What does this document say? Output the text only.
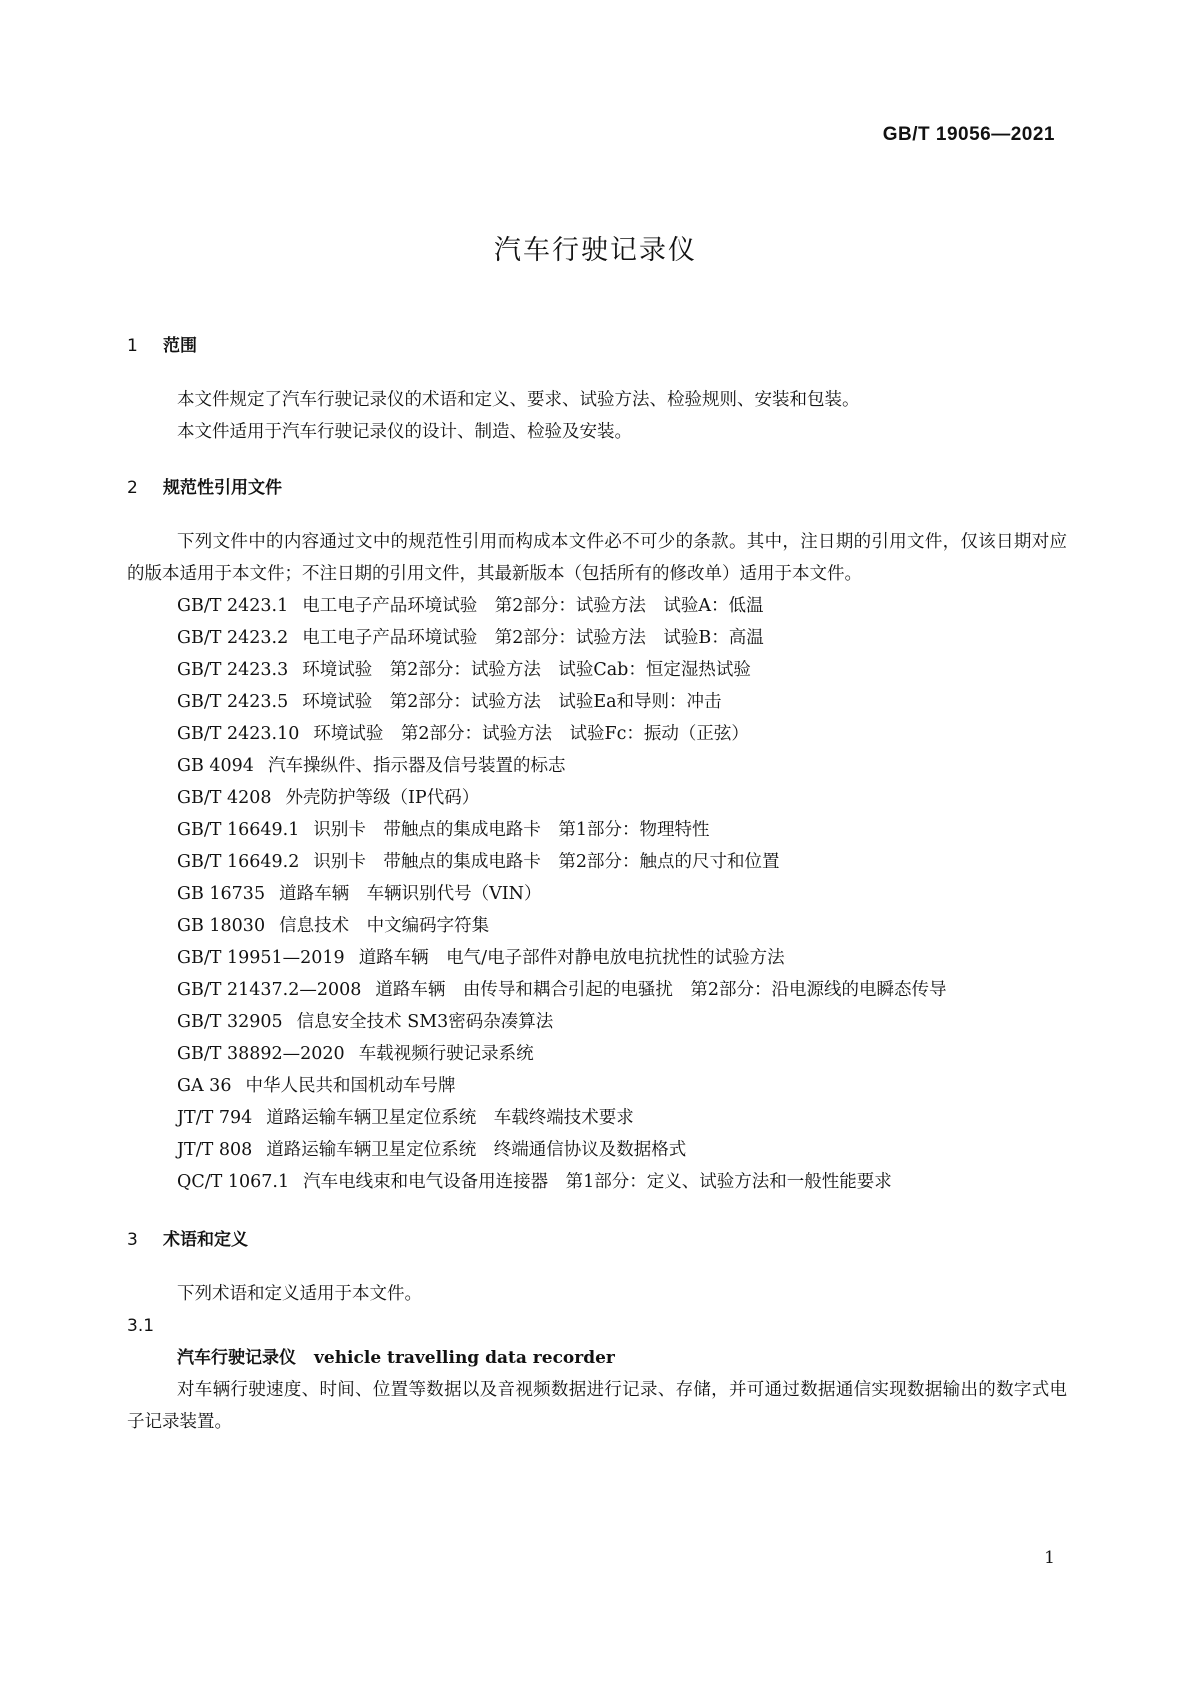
GB/T 19056—2021
汽车行驶记录仪
1 范围

本文件规定了汽车行驶记录仪的术语和定义、要求、试验方法、检验规则、安装和包装。

本文件适用于汽车行驶记录仪的设计、制造、检验及安装。

2 规范性引用文件

下列文件中的内容通过文中的规范性引用而构成本文件必不可少的条款。其中，注日期的引用文件，仅该日期对应的版本适用于本文件；不注日期的引用文件，其最新版本（包括所有的修改单）适用于本文件。

GB/T 2423.1 电工电子产品环境试验　第2部分：试验方法　试验A：低温
GB/T 2423.2 电工电子产品环境试验　第2部分：试验方法　试验B：高温
GB/T 2423.3 环境试验　第2部分：试验方法　试验Cab：恒定湿热试验
GB/T 2423.5 环境试验　第2部分：试验方法　试验Ea和导则：冲击
GB/T 2423.10 环境试验　第2部分：试验方法　试验Fc：振动（正弦）
GB 4094 汽车操纵件、指示器及信号装置的标志
GB/T 4208 外壳防护等级（IP代码）
GB/T 16649.1 识别卡　带触点的集成电路卡　第1部分：物理特性
GB/T 16649.2 识别卡　带触点的集成电路卡　第2部分：触点的尺寸和位置
GB 16735 道路车辆　车辆识别代号（VIN）
GB 18030 信息技术　中文编码字符集
GB/T 19951—2019 道路车辆　电气/电子部件对静电放电抗扰性的试验方法
GB/T 21437.2—2008 道路车辆　由传导和耦合引起的电骚扰　第2部分：沿电源线的电瞬态传导
GB/T 32905 信息安全技术 SM3密码杂凑算法
GB/T 38892—2020 车载视频行驶记录系统
GA 36 中华人民共和国机动车号牌
JT/T 794 道路运输车辆卫星定位系统　车载终端技术要求
JT/T 808 道路运输车辆卫星定位系统　终端通信协议及数据格式
QC/T 1067.1 汽车电线束和电气设备用连接器　第1部分：定义、试验方法和一般性能要求
3 术语和定义

下列术语和定义适用于本文件。

3.1
汽车行驶记录仪 vehicle travelling data recorder

对车辆行驶速度、时间、位置等数据以及音视频数据进行记录、存储，并可通过数据通信实现数据输出的数字式电子记录装置。

1
